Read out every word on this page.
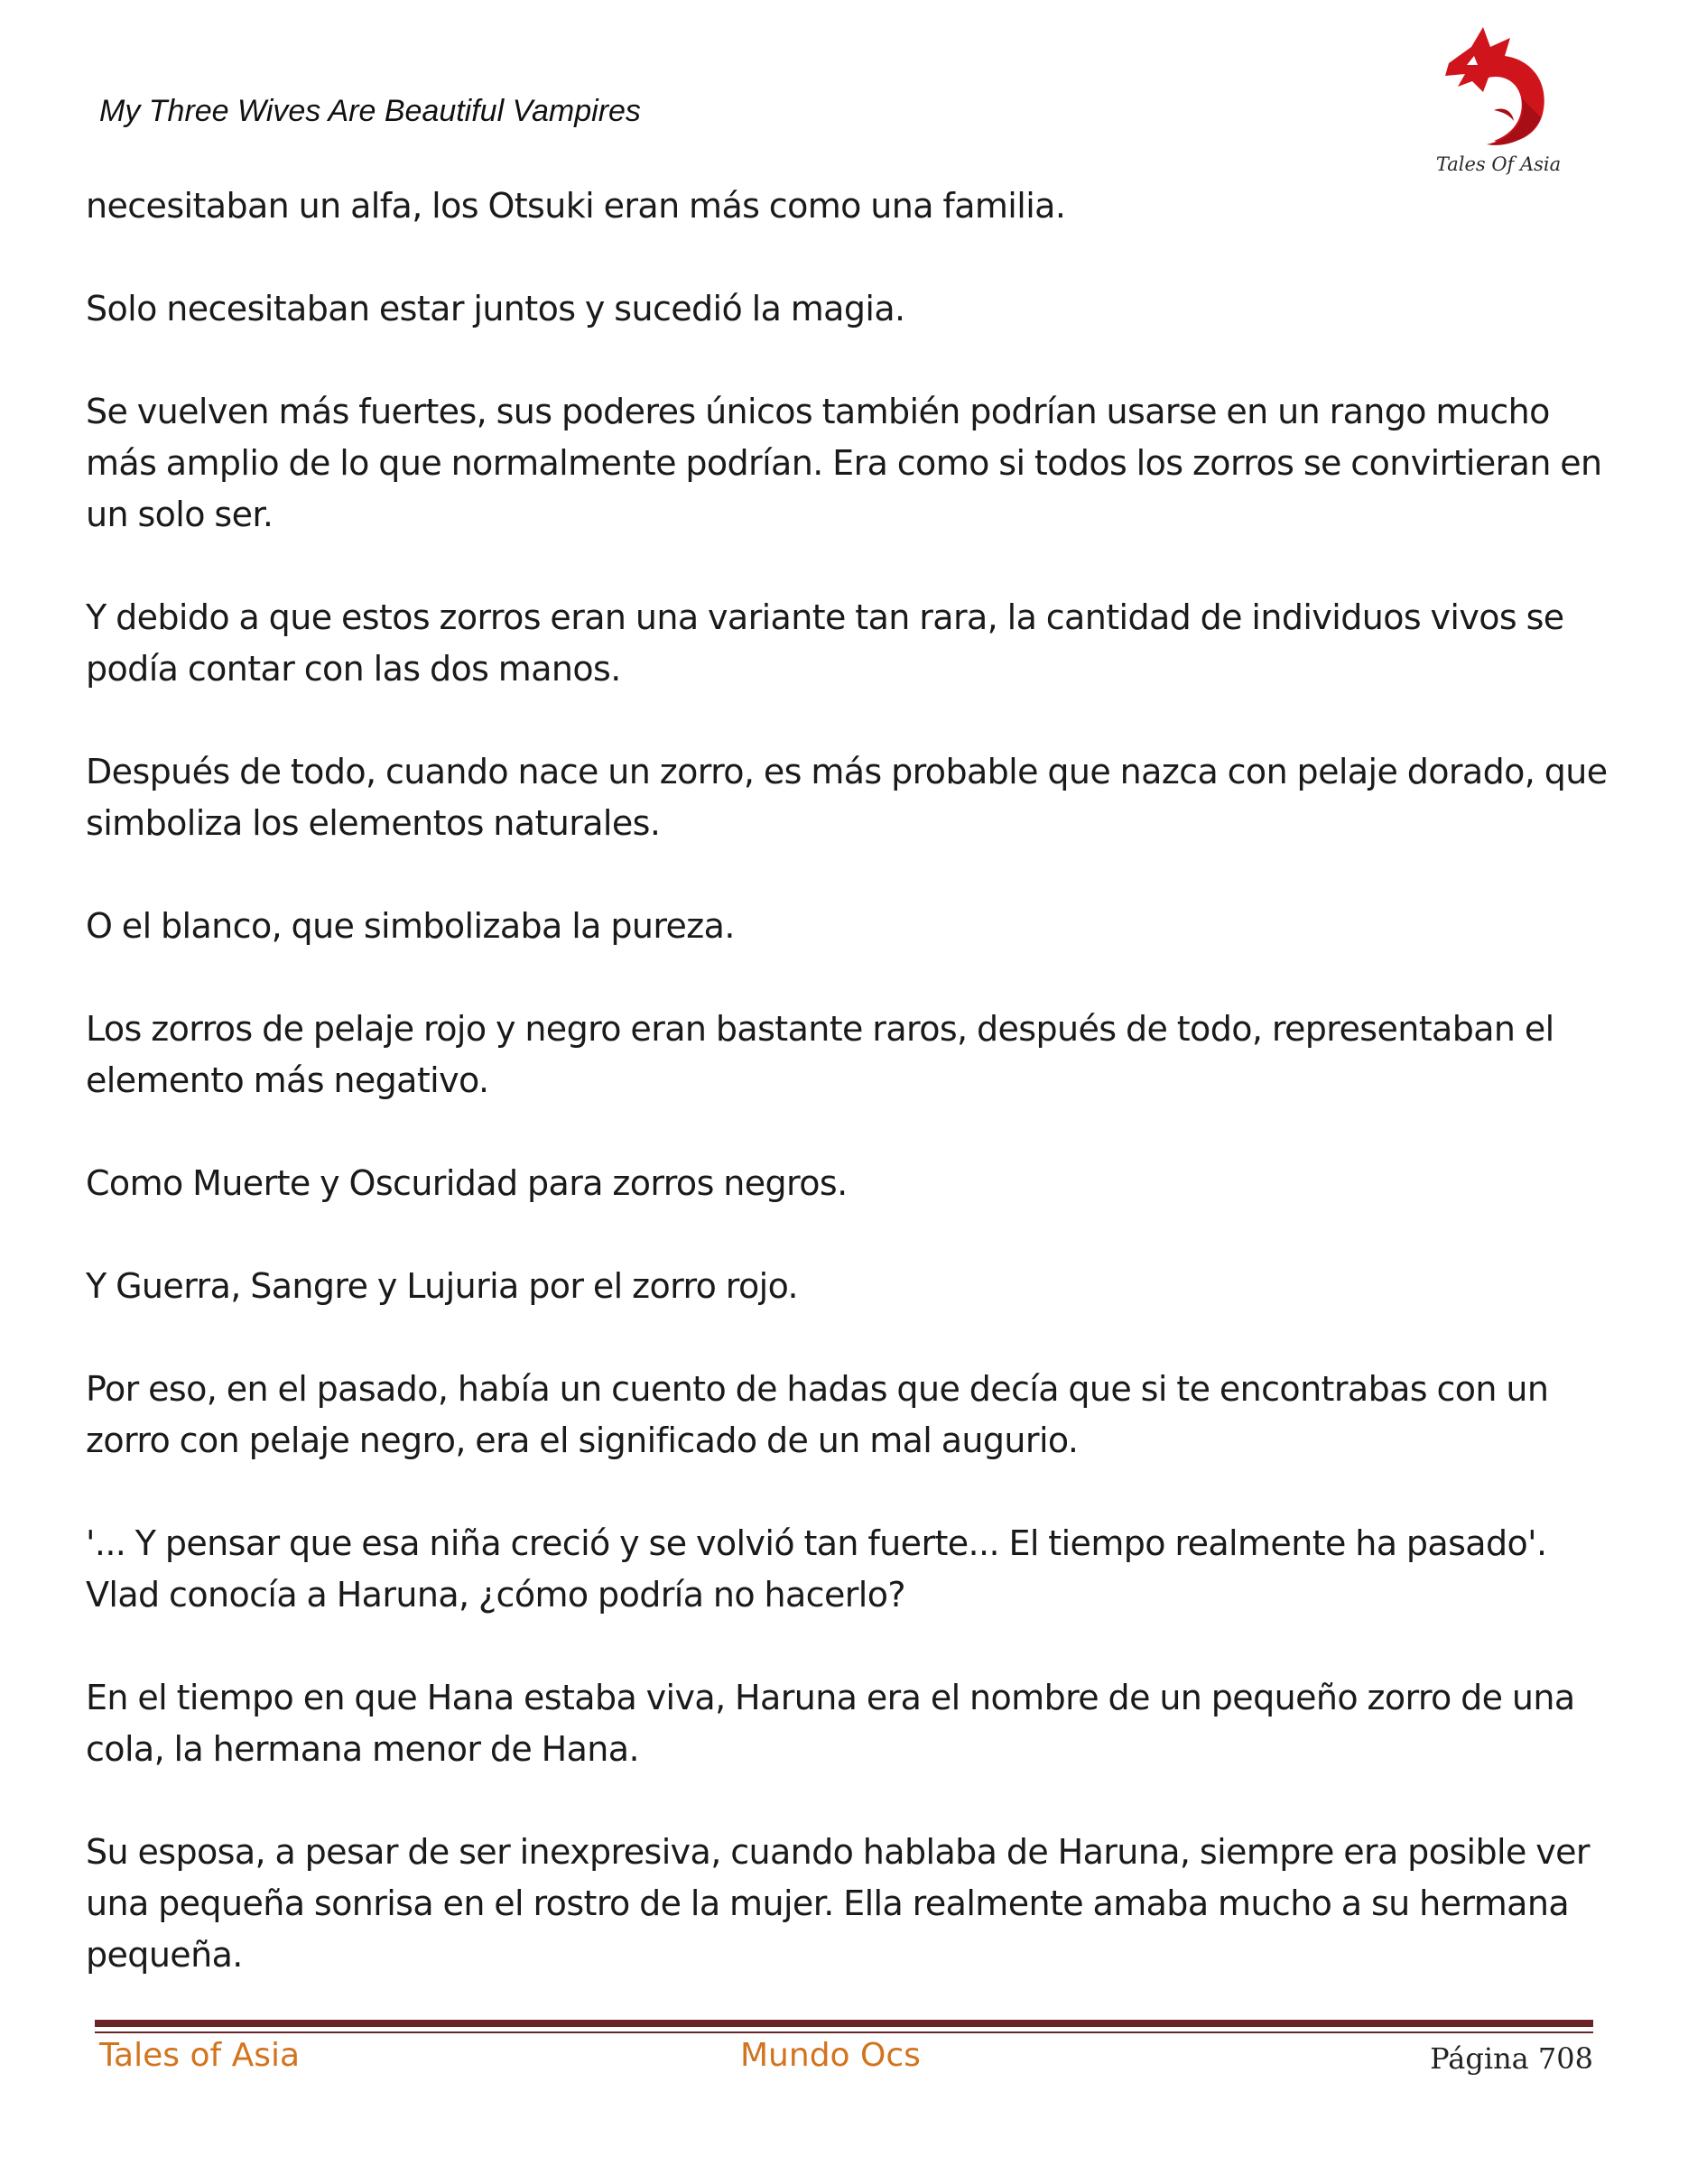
My Three Wives Are Beautiful Vampires
Tales Of Asia

necesitaban un alfa, los Otsuki eran más como una familia.

Solo necesitaban estar juntos y sucedió la magia.

Se vuelven más fuertes, sus poderes únicos también podrían usarse en un rango mucho más amplio de lo que normalmente podrían. Era como si todos los zorros se convirtieran en un solo ser.

Y debido a que estos zorros eran una variante tan rara, la cantidad de individuos vivos se podía contar con las dos manos.

Después de todo, cuando nace un zorro, es más probable que nazca con pelaje dorado, que simboliza los elementos naturales.

O el blanco, que simbolizaba la pureza.

Los zorros de pelaje rojo y negro eran bastante raros, después de todo, representaban el elemento más negativo.

Como Muerte y Oscuridad para zorros negros.

Y Guerra, Sangre y Lujuria por el zorro rojo.

Por eso, en el pasado, había un cuento de hadas que decía que si te encontrabas con un zorro con pelaje negro, era el significado de un mal augurio.

'... Y pensar que esa niña creció y se volvió tan fuerte... El tiempo realmente ha pasado'. Vlad conocía a Haruna, ¿cómo podría no hacerlo?

En el tiempo en que Hana estaba viva, Haruna era el nombre de un pequeño zorro de una cola, la hermana menor de Hana.

Su esposa, a pesar de ser inexpresiva, cuando hablaba de Haruna, siempre era posible ver una pequeña sonrisa en el rostro de la mujer. Ella realmente amaba mucho a su hermana pequeña.

Tales of Asia	Mundo Ocs	Página 708
